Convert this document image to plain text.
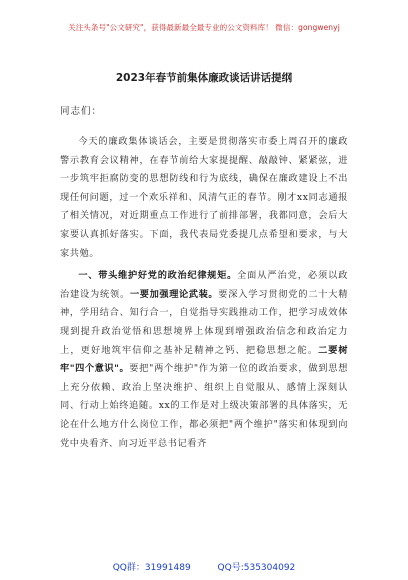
关注头条号"公文研究"，获得最新最全最专业的公文资料库！ 微信：gongwenyj
2023年春节前集体廉政谈话讲话提纲
同志们：

今天的廉政集体谈话会，主要是贯彻落实市委上周召开的廉政警示教育会议精神，在春节前给大家提提醒、敲敲钟、紧紧弦，进一步筑牢拒腐防变的思想防线和行为底线，确保在廉政建设上不出现任何问题，过一个欢乐祥和、风清气正的春节。刚才xx同志通报了相关情况，对近期重点工作进行了前排部署，我都同意，会后大家要认真抓好落实。下面，我代表局党委提几点希望和要求，与大家共勉。

一、带头维护好党的政治纪律规矩。全面从严治党，必须以政治建设为统领。一要加强理论武装。要深入学习贯彻党的二十大精神，学用结合、知行合一，自觉指导实践推动工作，把学习成效体现到提升政治觉悟和思想境界上体现到增强政治信念和政治定力上，更好地筑牢信仰之基补足精神之钙、把稳思想之舵。二要树牢"四个意识"。要把"两个维护"作为第一位的政治要求，做到思想上充分依赖、政治上坚决维护、组织上自觉服从、感情上深刻认同、行动上始终追随。xx的工作是对上级决策部署的具体落实，无论在什么地方什么岗位工作，都必须把"两个维护"落实和体现到向党中央看齐、向习近平总书记看齐

QQ群：31991489	QQ号:535304092
